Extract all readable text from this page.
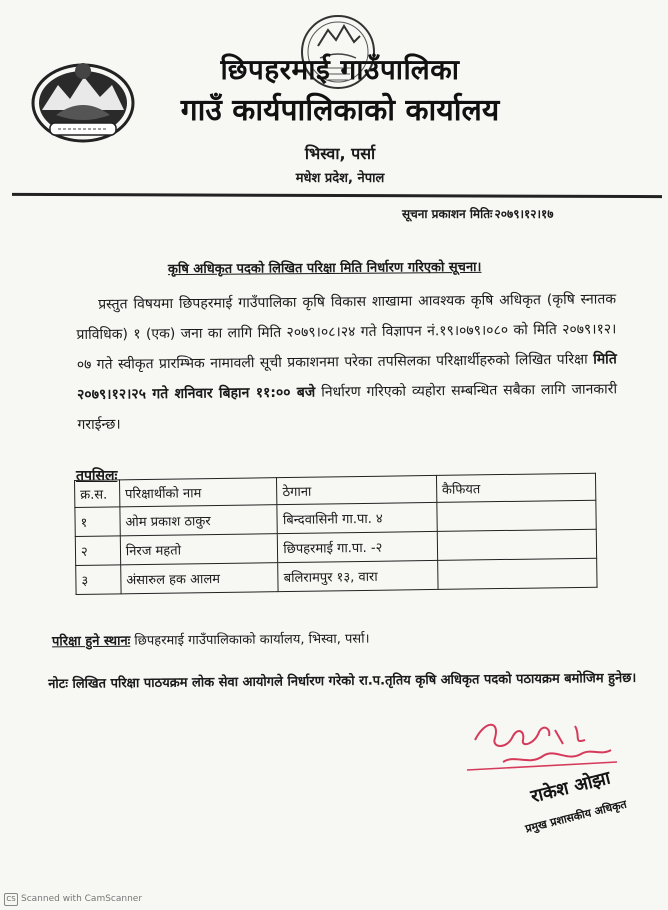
छिपहरमाई गाउँपालिका
गाउँ कार्यपालिकाको कार्यालय
भिस्वा, पर्सा
मधेश प्रदेश, नेपाल
सूचना प्रकाशन मितिः २०७९।१२।१७
कृषि अधिकृत पदको लिखित परिक्षा मिति निर्धारण गरिएको सूचना।
प्रस्तुत विषयमा छिपहरमाई गाउँपालिका कृषि विकास शाखामा आवश्यक कृषि अधिकृत (कृषि स्नातक प्राविधिक) १ (एक) जना का लागि मिति २०७९।०८।२४ गते विज्ञापन नं.१९।०७९।०८० को मिति २०७९।१२।०७ गते स्वीकृत प्रारम्भिक नामावली सूची प्रकाशनमा परेका तपसिलका परिक्षार्थीहरुको लिखित परिक्षा मिति २०७९।१२।२५ गते शनिवार बिहान ११:०० बजे निर्धारण गरिएको व्यहोरा सम्बन्धित सबैका लागि जानकारी गराईन्छ।
तपसिलः
क्र.स.	परिक्षार्थीको नाम	ठेगाना	कैफियत
१	ओम प्रकाश ठाकुर	बिन्दवासिनी गा.पा. ४	
२	निरज महतो	छिपहरमाई गा.पा. -२	
३	अंसारुल हक आलम	बलिरामपुर १३, वारा	
परिक्षा हुने स्थानः छिपहरमाई गाउँपालिकाको कार्यालय, भिस्वा, पर्सा।
नोटः लिखित परिक्षा पाठयक्रम लोक सेवा आयोगले निर्धारण गरेको रा.प.तृतिय कृषि अधिकृत पदको पठायक्रम बमोजिम हुनेछ।
राकेश ओझा
प्रमुख प्रशासकीय अधिकृत
CS Scanned with CamScanner
